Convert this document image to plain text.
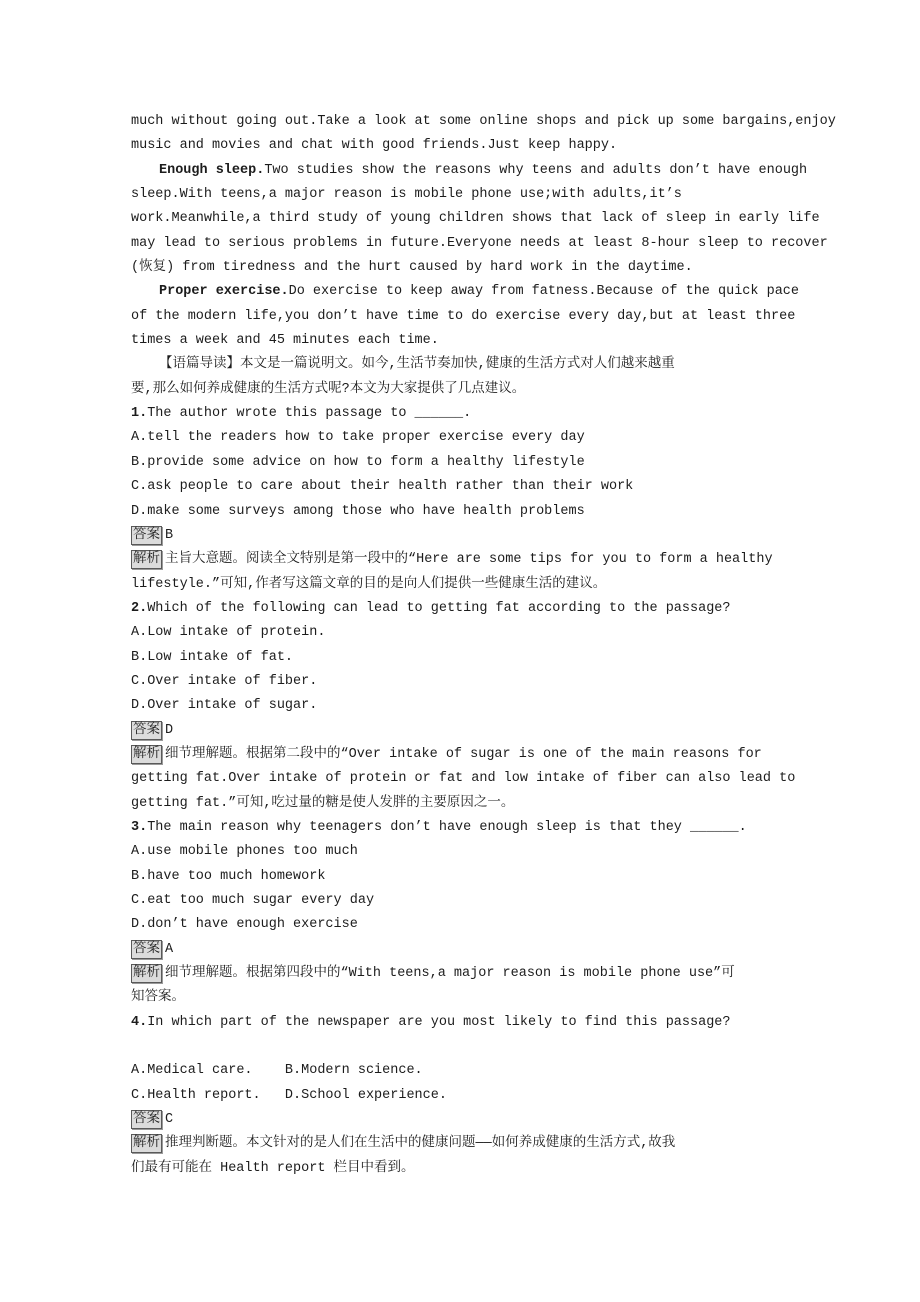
much without going out.Take a look at some online shops and pick up some bargains,enjoy
music and movies and chat with good friends.Just keep happy.
Enough sleep.Two studies show the reasons why teens and adults don’t have enough
sleep.With teens,a major reason is mobile phone use;with adults,it’s
work.Meanwhile,a third study of young children shows that lack of sleep in early life
may lead to serious problems in future.Everyone needs at least 8-hour sleep to recover
(恢复) from tiredness and the hurt caused by hard work in the daytime.
Proper exercise.Do exercise to keep away from fatness.Because of the quick pace
of the modern life,you don’t have time to do exercise every day,but at least three
times a week and 45 minutes each time.
【语篇导读】本文是一篇说明文。如今,生活节奏加快,健康的生活方式对人们越来越重
要,那么如何养成健康的生活方式呢?本文为大家提供了几点建议。
1.The author wrote this passage to ______.
A.tell the readers how to take proper exercise every day
B.provide some advice on how to form a healthy lifestyle
C.ask people to care about their health rather than their work
D.make some surveys among those who have health problems
答案 B
解析 主旨大意题。阅读全文特别是第一段中的“Here are some tips for you to form a healthy
lifestyle.”可知,作者写这篇文章的目的是向人们提供一些健康生活的建议。
2.Which of the following can lead to getting fat according to the passage?
A.Low intake of protein.
B.Low intake of fat.
C.Over intake of fiber.
D.Over intake of sugar.
答案 D
解析 细节理解题。根据第二段中的“Over intake of sugar is one of the main reasons for
getting fat.Over intake of protein or fat and low intake of fiber can also lead to
getting fat.”可知,吃过量的糖是使人发胖的主要原因之一。
3.The main reason why teenagers don’t have enough sleep is that they ______.
A.use mobile phones too much
B.have too much homework
C.eat too much sugar every day
D.don’t have enough exercise
答案 A
解析 细节理解题。根据第四段中的“With teens,a major reason is mobile phone use”可
知答案。
4.In which part of the newspaper are you most likely to find this passage?
A.Medical care.    B.Modern science.
C.Health report.   D.School experience.
答案 C
解析 推理判断题。本文针对的是人们在生活中的健康问题——如何养成健康的生活方式,故我
们最有可能在 Health report 栏目中看到。
